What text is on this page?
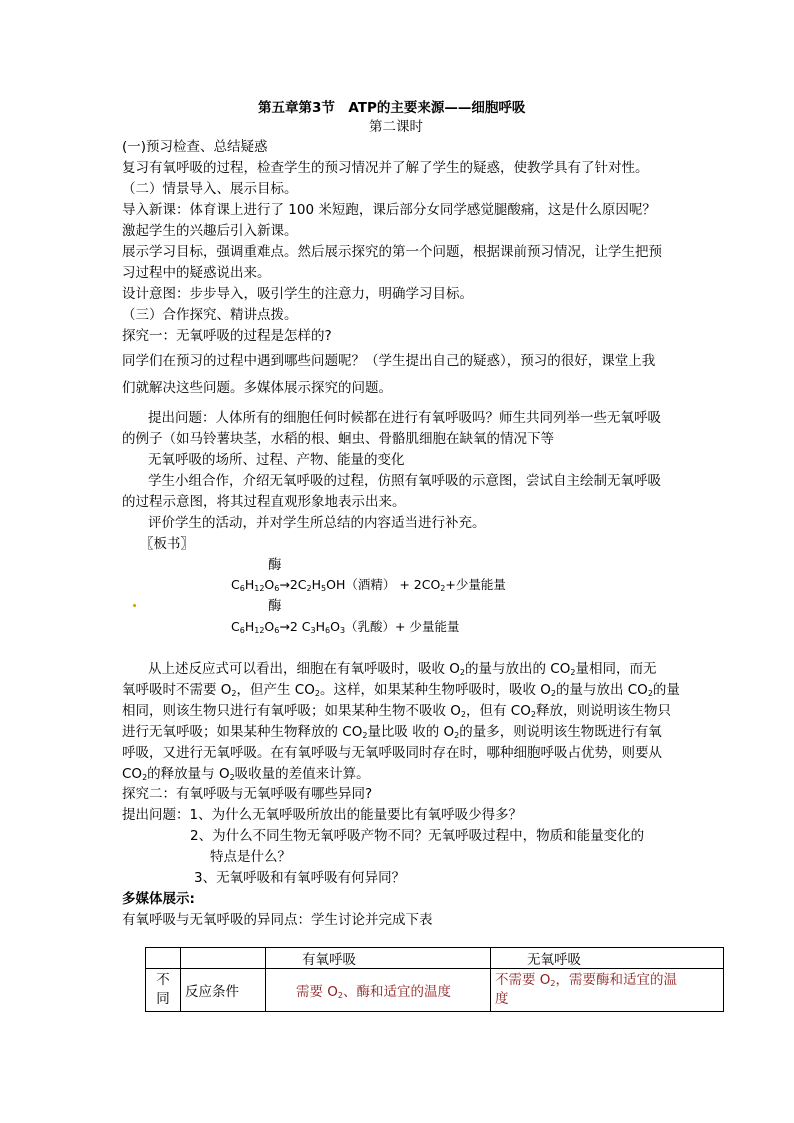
第五章第3节　ATP的主要来源——细胞呼吸
第二课时
(一)预习检查、总结疑惑
复习有氧呼吸的过程，检查学生的预习情况并了解了学生的疑惑，使教学具有了针对性。
（二）情景导入、展示目标。
导入新课：体育课上进行了 100 米短跑，课后部分女同学感觉腿酸痛，这是什么原因呢？
激起学生的兴趣后引入新课。
展示学习目标，强调重难点。然后展示探究的第一个问题，根据课前预习情况，让学生把预
习过程中的疑惑说出来。
设计意图：步步导入，吸引学生的注意力，明确学习目标。
（三）合作探究、精讲点拨。
探究一：无氧呼吸的过程是怎样的?
同学们在预习的过程中遇到哪些问题呢？（学生提出自己的疑惑），预习的很好，课堂上我
们就解决这些问题。多媒体展示探究的问题。
提出问题：人体所有的细胞任何时候都在进行有氧呼吸吗？师生共同列举一些无氧呼吸
的例子（如马铃薯块茎，水稻的根、蛔虫、骨骼肌细胞在缺氧的情况下等
无氧呼吸的场所、过程、产物、能量的变化
学生小组合作，介绍无氧呼吸的过程，仿照有氧呼吸的示意图，尝试自主绘制无氧呼吸
的过程示意图，将其过程直观形象地表示出来。
评价学生的活动，并对学生所总结的内容适当进行补充。
〖板书〗
酶
$C_6H_{12}O_6\to 2C_2H_5OH$（酒精） + $2CO_2+$少量能量
酶
$C_6H_{12}O_6\to 2$ $C_3H_6O_3$（乳酸）+ 少量能量
从上述反应式可以看出，细胞在有氧呼吸时，吸收 $O_2$的量与放出的 $CO_2$量相同，而无
氧呼吸时不需要 $O_2$，但产生 $CO_2$。这样，如果某种生物呼吸时，吸收 $O_2$的量与放出 $CO_2$的量
相同，则该生物只进行有氧呼吸；如果某种生物不吸收 $O_2$，但有 $CO_2$释放，则说明该生物只
进行无氧呼吸；如果某种生物释放的 $CO_2$量比吸 收的 $O_2$的量多，则说明该生物既进行有氧
呼吸，又进行无氧呼吸。在有氧呼吸与无氧呼吸同时存在时，哪种细胞呼吸占优势，则要从
$CO_2$的释放量与 $O_2$吸收量的差值来计算。
探究二：有氧呼吸与无氧呼吸有哪些异同?
提出问题：1、为什么无氧呼吸所放出的能量要比有氧呼吸少得多？
2、为什么不同生物无氧呼吸产物不同？无氧呼吸过程中，物质和能量变化的
特点是什么？
3、无氧呼吸和有氧呼吸有何异同？
多媒体展示:
有氧呼吸与无氧呼吸的异同点：学生讨论并完成下表
		有氧呼吸	无氧呼吸
不
同	反应条件	需要 $O_2$、酶和适宜的温度	不需要 $O_2$，需要酶和适宜的温
度
